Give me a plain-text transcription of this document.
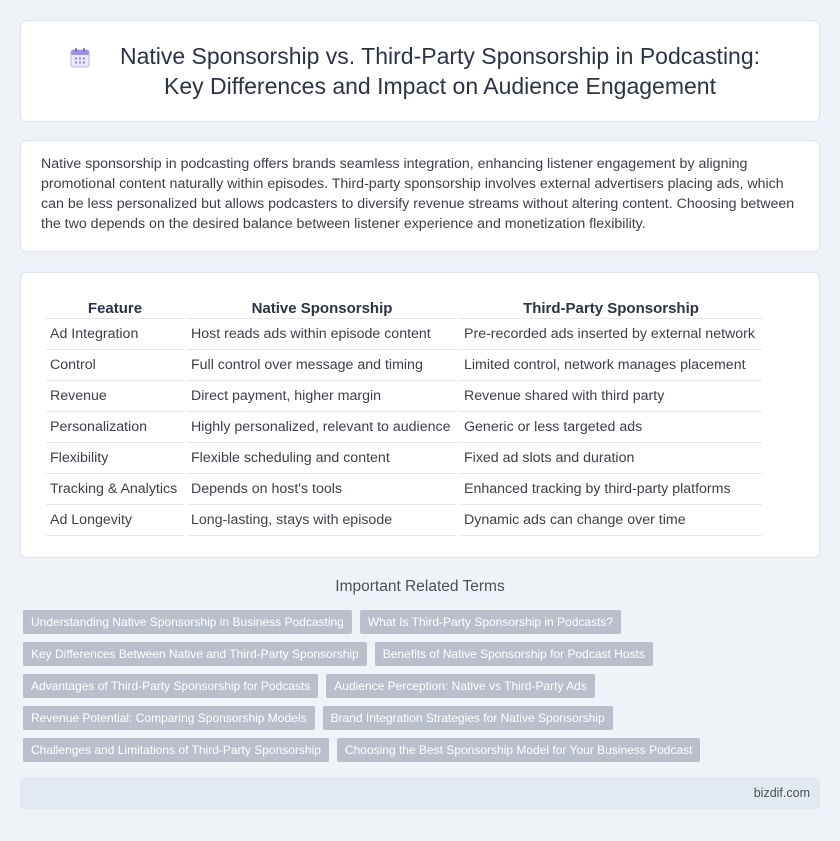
Native Sponsorship vs. Third-Party Sponsorship in Podcasting: Key Differences and Impact on Audience Engagement

Native sponsorship in podcasting offers brands seamless integration, enhancing listener engagement by aligning promotional content naturally within episodes. Third-party sponsorship involves external advertisers placing ads, which can be less personalized but allows podcasters to diversify revenue streams without altering content. Choosing between the two depends on the desired balance between listener experience and monetization flexibility.

Feature	Native Sponsorship	Third-Party Sponsorship
Ad Integration	Host reads ads within episode content	Pre-recorded ads inserted by external network
Control	Full control over message and timing	Limited control, network manages placement
Revenue	Direct payment, higher margin	Revenue shared with third party
Personalization	Highly personalized, relevant to audience	Generic or less targeted ads
Flexibility	Flexible scheduling and content	Fixed ad slots and duration
Tracking & Analytics	Depends on host's tools	Enhanced tracking by third-party platforms
Ad Longevity	Long-lasting, stays with episode	Dynamic ads can change over time
Important Related Terms
Understanding Native Sponsorship in Business Podcasting	What Is Third-Party Sponsorship in Podcasts?
Key Differences Between Native and Third-Party Sponsorship	Benefits of Native Sponsorship for Podcast Hosts
Advantages of Third-Party Sponsorship for Podcasts	Audience Perception: Native vs Third-Party Ads
Revenue Potential: Comparing Sponsorship Models	Brand Integration Strategies for Native Sponsorship
Challenges and Limitations of Third-Party Sponsorship	Choosing the Best Sponsorship Model for Your Business Podcast
bizdif.com
